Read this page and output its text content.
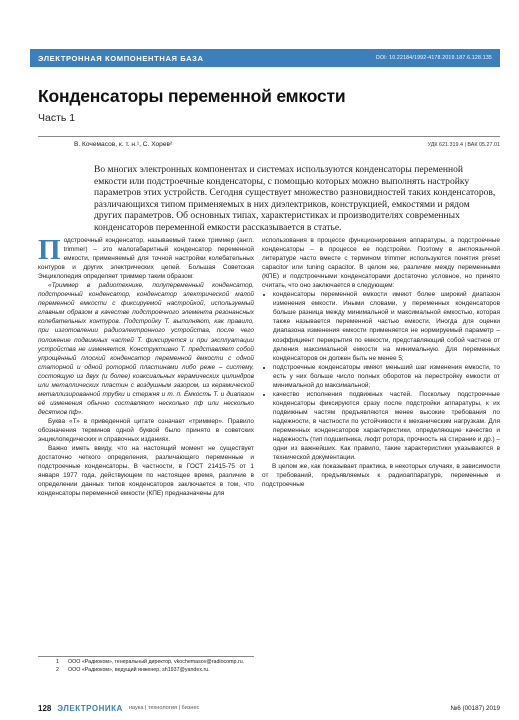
ЭЛЕКТРОННАЯ КОМПОНЕНТНАЯ БАЗА	DOI: 10.22184/1992-4178.2019.187.6.128.135
Конденсаторы переменной емкости
Часть 1
В. Кочемасов, к. т. н.¹, С. Хорев²	УДК 621.319.4 | ВАК 05.27.01

Во многих электронных компонентах и системах используются конденсаторы переменной емкости или подстроечные конденсаторы, с помощью которых можно выполнять настройку параметров этих устройств. Сегодня существует множество разновидностей таких конденсаторов, различающихся типом применяемых в них диэлектриков, конструкцией, емкостями и рядом других параметров. Об основных типах, характеристиках и производителях современных конденсаторов переменной емкости рассказывается в статье.

Подстроечный конденсатор, называемый также триммер (англ. trimmer) – это малогабаритный конденсатор переменной емкости, применяемый для точной настройки колебательных контуров и других электрических цепей. Большая Советская Энциклопедия определяет триммер таким образом:

«Триммер в радиотехнике, полупеременный конденсатор, подстроечный конденсатор, конденсатор электрической малой переменной емкости с фиксируемой настройкой, используемый главным образом в качестве подстроечного элемента резонансных колебательных контуров. Подстройку Т. выполняют, как правило, при изготовлении радиоэлектронного устройства, после чего положение подвижных частей Т. фиксируется и при эксплуатации устройства не изменяется. Конструктивно Т. представляет собой упрощённый плоский конденсатор переменной ёмкости с одной статорной и одной роторной пластинами либо реже – систему, состоящую из двух (и более) коаксиальных керамических цилиндров или металлических пластин с воздушным зазором, из керамической металлизированной трубки и стержня и т. п. Ёмкость Т. и диапазон её изменения обычно составляют несколько пф или несколько десятков пф».

Буква «Т» в приведенной цитате означает «триммер». Правило обозначения терминов одной буквой было принято в советских энциклопедических и справочных изданиях.

Важно иметь ввиду, что на настоящий момент не существует достаточно четкого определения, различающего переменные и подстроечные конденсаторы. В частности, в ГОСТ 21415-75 от 1 января 1977 года, действующем по настоящее время, различие в определении данных типов конденсаторов заключается в том, что конденсаторы переменной емкости (КПЕ) предназначены для

использования в процессе функционирования аппаратуры, а подстроечные конденсаторы – в процессе ее подстройки. Поэтому в англоязычной литературе часто вместе с термином trimmer используются понятия preset capacitor или tuning capacitor. В целом же, различие между переменными (КПЕ) и подстроечными конденсаторами достаточно условное, но принято считать, что оно заключается в следующем:

• конденсаторы переменной емкости имеют более широкий диапазон изменения емкости. Иными словами, у переменных конденсаторов больше разница между минимальной и максимальной емкостью, которая также называется переменной частью емкости. Иногда для оценки диапазона изменения емкости применяется не нормируемый параметр – коэффициент перекрытия по емкости, представляющий собой частное от деления максимальной емкости на минимальную. Для переменных конденсаторов он должен быть не менее 5;
• подстроечные конденсаторы имеют меньший шаг изменения емкости, то есть у них больше число полных оборотов на перестройку емкости от минимальной до максимальной;
• качество исполнения подвижных частей. Поскольку подстроечные конденсаторы фиксируются сразу после подстройки аппаратуры, к их подвижным частям предъявляются менее высокие требования по надежности, в частности по устойчивости к механическим нагрузкам. Для переменных конденсаторов характеристики, определяющие качество и надежность (тип подшипника, люфт ротора, прочность на стирание и др.) – одни из важнейших. Как правило, такие характеристики указываются в технической документации.

В целом же, как показывает практика, в некоторых случаях, в зависимости от требований, предъявляемых к радиоаппаратуре, переменные и подстроечные

1	ООО «Радиоком», генеральный директор, vkochemasov@radiocomp.ru.
2	ООО «Радиоком», ведущий инженер, sh1937@yandex.ru.
128 ЭЛЕКТРОНИКА наука | технология | бизнес	№6 (00187) 2019
